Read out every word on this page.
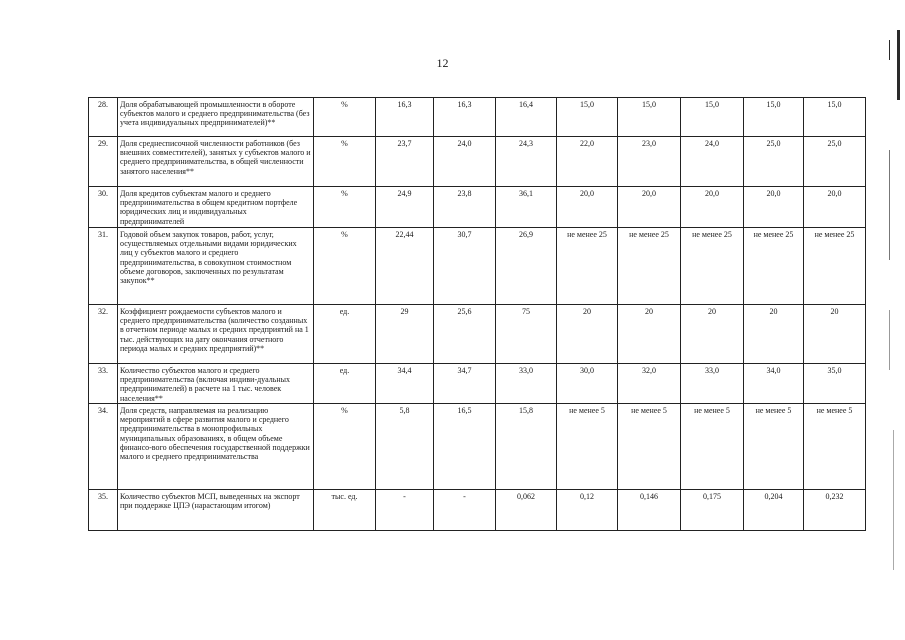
12
28.	Доля обрабатывающей промышленности в обороте субъектов малого и среднего предпринимательства (без учета индивидуальных предпринимателей)**	%	16,3	16,3	16,4	15,0	15,0	15,0	15,0	15,0
29.	Доля среднесписочной численности работников (без внешних совместителей), занятых у субъектов малого и среднего предпринимательства, в общей численности занятого населения**	%	23,7	24,0	24,3	22,0	23,0	24,0	25,0	25,0
30.	Доля кредитов субъектам малого и среднего предпринимательства в общем кредитном портфеле юридических лиц и индивидуальных предпринимателей	%	24,9	23,8	36,1	20,0	20,0	20,0	20,0	20,0
31.	Годовой объем закупок товаров, работ, услуг, осуществляемых отдельными видами юридических лиц у субъектов малого и среднего предпринимательства, в совокупном стоимостном объеме договоров, заключенных по результатам закупок**	%	22,44	30,7	26,9	не менее 25	не менее 25	не менее 25	не менее 25	не менее 25
32.	Коэффициент рождаемости субъектов малого и среднего предпринимательства (количество созданных в отчетном периоде малых и средних предприятий на 1 тыс. действующих на дату окончания отчетного периода малых и средних предприятий)**	ед.	29	25,6	75	20	20	20	20	20
33.	Количество субъектов малого и среднего предпринимательства (включая индиви-дуальных предпринимателей) в расчете на 1 тыс. человек населения**	ед.	34,4	34,7	33,0	30,0	32,0	33,0	34,0	35,0
34.	Доля средств, направляемая на реализацию мероприятий в сфере развития малого и среднего предпринимательства в монопрофильных муниципальных образованиях, в общем объеме финансо-вого обеспечения государственной поддержки малого и среднего предпринимательства	%	5,8	16,5	15,8	не менее 5	не менее 5	не менее 5	не менее 5	не менее 5
35.	Количество субъектов МСП, выведенных на экспорт при поддержке ЦПЭ (нарастающим итогом)	тыс. ед.	-	-	0,062	0,12	0,146	0,175	0,204	0,232
